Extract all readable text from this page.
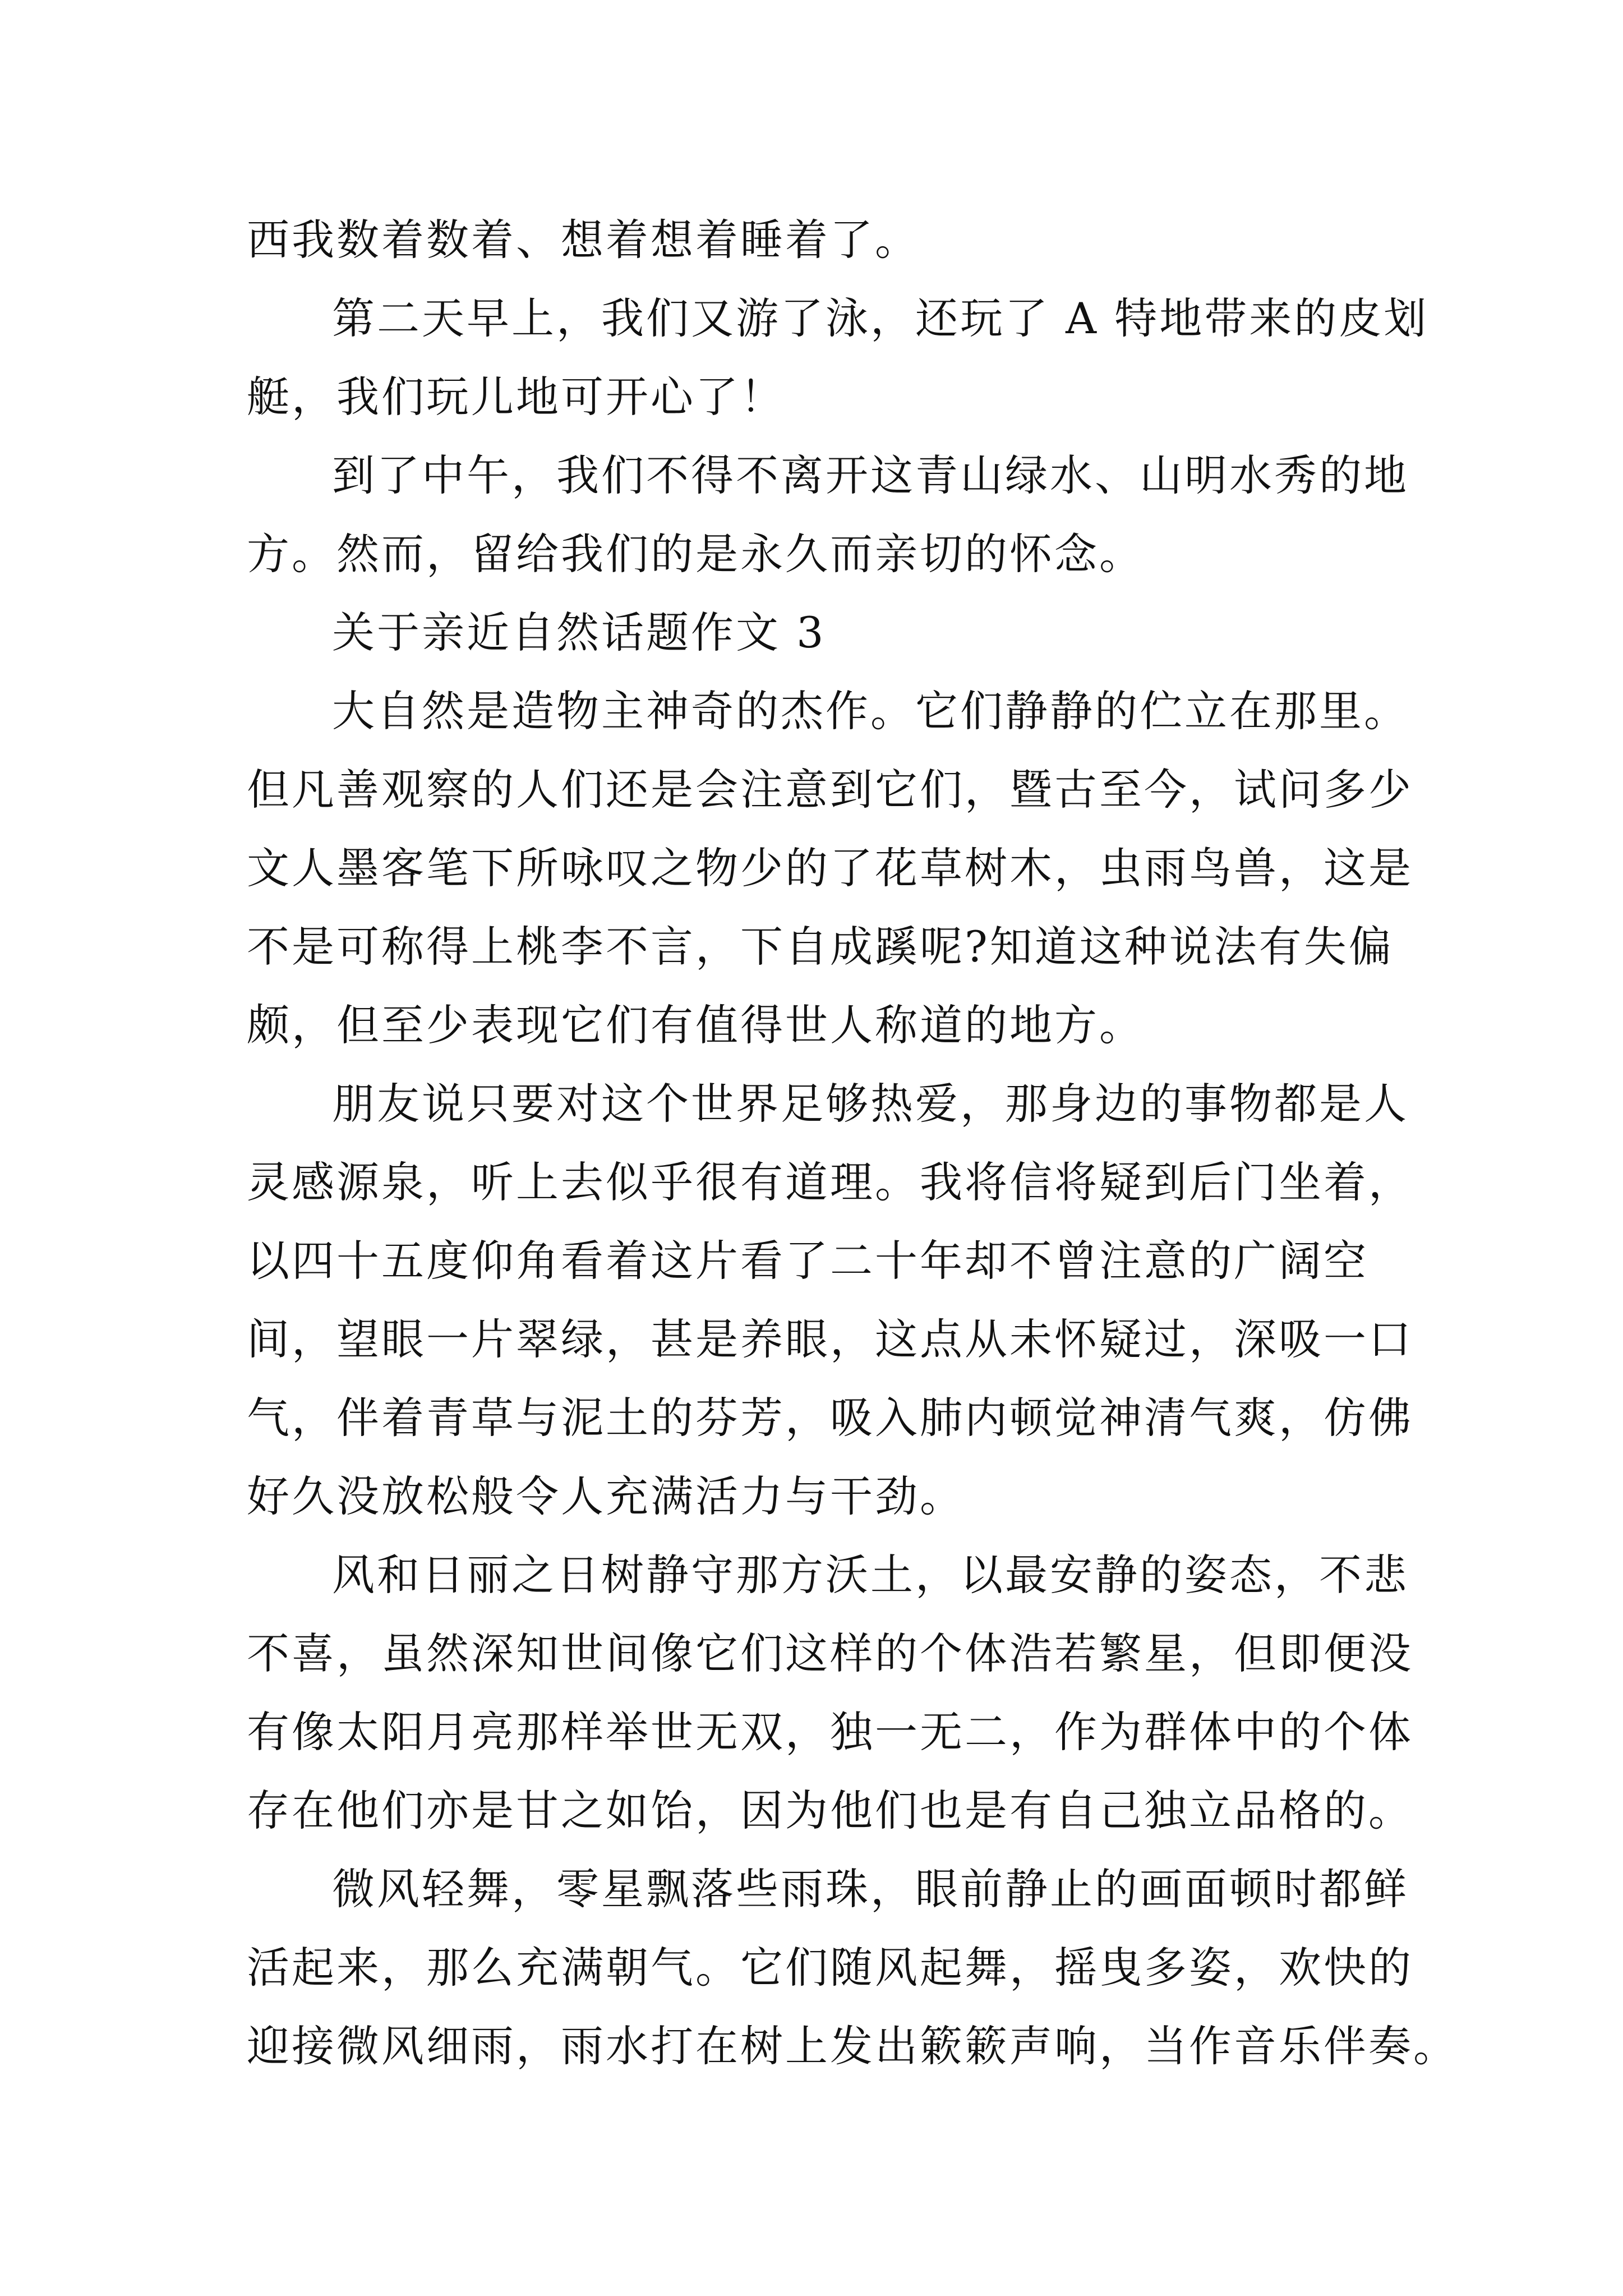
西我数着数着、想着想着睡着了。
第二天早上，我们又游了泳，还玩了 A 特地带来的皮划
艇，我们玩儿地可开心了！
到了中午，我们不得不离开这青山绿水、山明水秀的地
方。然而，留给我们的是永久而亲切的怀念。
关于亲近自然话题作文 3
大自然是造物主神奇的杰作。它们静静的伫立在那里。
但凡善观察的人们还是会注意到它们，暨古至今，试问多少
文人墨客笔下所咏叹之物少的了花草树木，虫雨鸟兽，这是
不是可称得上桃李不言，下自成蹊呢?知道这种说法有失偏
颇，但至少表现它们有值得世人称道的地方。
朋友说只要对这个世界足够热爱，那身边的事物都是人
灵感源泉，听上去似乎很有道理。我将信将疑到后门坐着，
以四十五度仰角看着这片看了二十年却不曾注意的广阔空
间，望眼一片翠绿，甚是养眼，这点从未怀疑过，深吸一口
气，伴着青草与泥土的芬芳，吸入肺内顿觉神清气爽，仿佛
好久没放松般令人充满活力与干劲。
风和日丽之日树静守那方沃土，以最安静的姿态，不悲
不喜，虽然深知世间像它们这样的个体浩若繁星，但即便没
有像太阳月亮那样举世无双，独一无二，作为群体中的个体
存在他们亦是甘之如饴，因为他们也是有自己独立品格的。
微风轻舞，零星飘落些雨珠，眼前静止的画面顿时都鲜
活起来，那么充满朝气。它们随风起舞，摇曳多姿，欢快的
迎接微风细雨，雨水打在树上发出簌簌声响，当作音乐伴奏。
